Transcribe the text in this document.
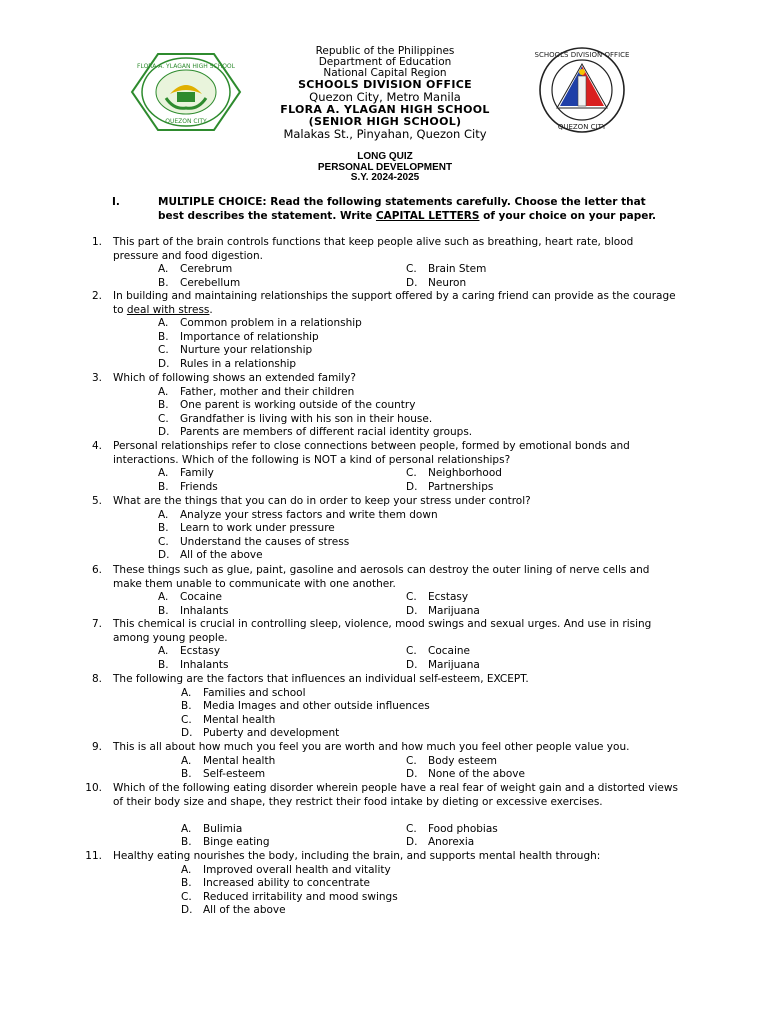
FLORA A. YLAGAN HIGH SCHOOL
QUEZON CITY
SCHOOLS DIVISION OFFICE
QUEZON CITY
Republic of the Philippines
Department of Education
National Capital Region
SCHOOLS DIVISION OFFICE
Quezon City, Metro Manila
FLORA A. YLAGAN HIGH SCHOOL
(SENIOR HIGH SCHOOL)
Malakas St., Pinyahan, Quezon City
LONG QUIZ
PERSONAL DEVELOPMENT
S.Y. 2024-2025
I.	MULTIPLE CHOICE: Read the following statements carefully. Choose the letter that best describes the statement. Write CAPITAL LETTERS of your choice on your paper.
1. This part of the brain controls functions that keep people alive such as breathing, heart rate, blood pressure and food digestion.
A. Cerebrum	C. Brain Stem
B. Cerebellum	D. Neuron
2. In building and maintaining relationships the support offered by a caring friend can provide as the courage to deal with stress.
A. Common problem in a relationship
B. Importance of relationship
C. Nurture your relationship
D. Rules in a relationship
3. Which of following shows an extended family?
A. Father, mother and their children
B. One parent is working outside of the country
C. Grandfather is living with his son in their house.
D. Parents are members of different racial identity groups.
4. Personal relationships refer to close connections between people, formed by emotional bonds and interactions. Which of the following is NOT a kind of personal relationships?
A. Family	C. Neighborhood
B. Friends	D. Partnerships
5. What are the things that you can do in order to keep your stress under control?
A. Analyze your stress factors and write them down
B. Learn to work under pressure
C. Understand the causes of stress
D. All of the above
6. These things such as glue, paint, gasoline and aerosols can destroy the outer lining of nerve cells and make them unable to communicate with one another.
A. Cocaine	C. Ecstasy
B. Inhalants	D. Marijuana
7. This chemical is crucial in controlling sleep, violence, mood swings and sexual urges. And use in rising among young people.
A. Ecstasy	C. Cocaine
B. Inhalants	D. Marijuana
8. The following are the factors that influences an individual self-esteem, EXCEPT.
A. Families and school
B. Media Images and other outside influences
C. Mental health
D. Puberty and development
9. This is all about how much you feel you are worth and how much you feel other people value you.
A. Mental health	C. Body esteem
B. Self-esteem	D. None of the above
10. Which of the following eating disorder wherein people have a real fear of weight gain and a distorted views of their body size and shape, they restrict their food intake by dieting or excessive exercises.
A. Bulimia	C. Food phobias
B. Binge eating	D. Anorexia
11. Healthy eating nourishes the body, including the brain, and supports mental health through:
A. Improved overall health and vitality
B. Increased ability to concentrate
C. Reduced irritability and mood swings
D. All of the above
